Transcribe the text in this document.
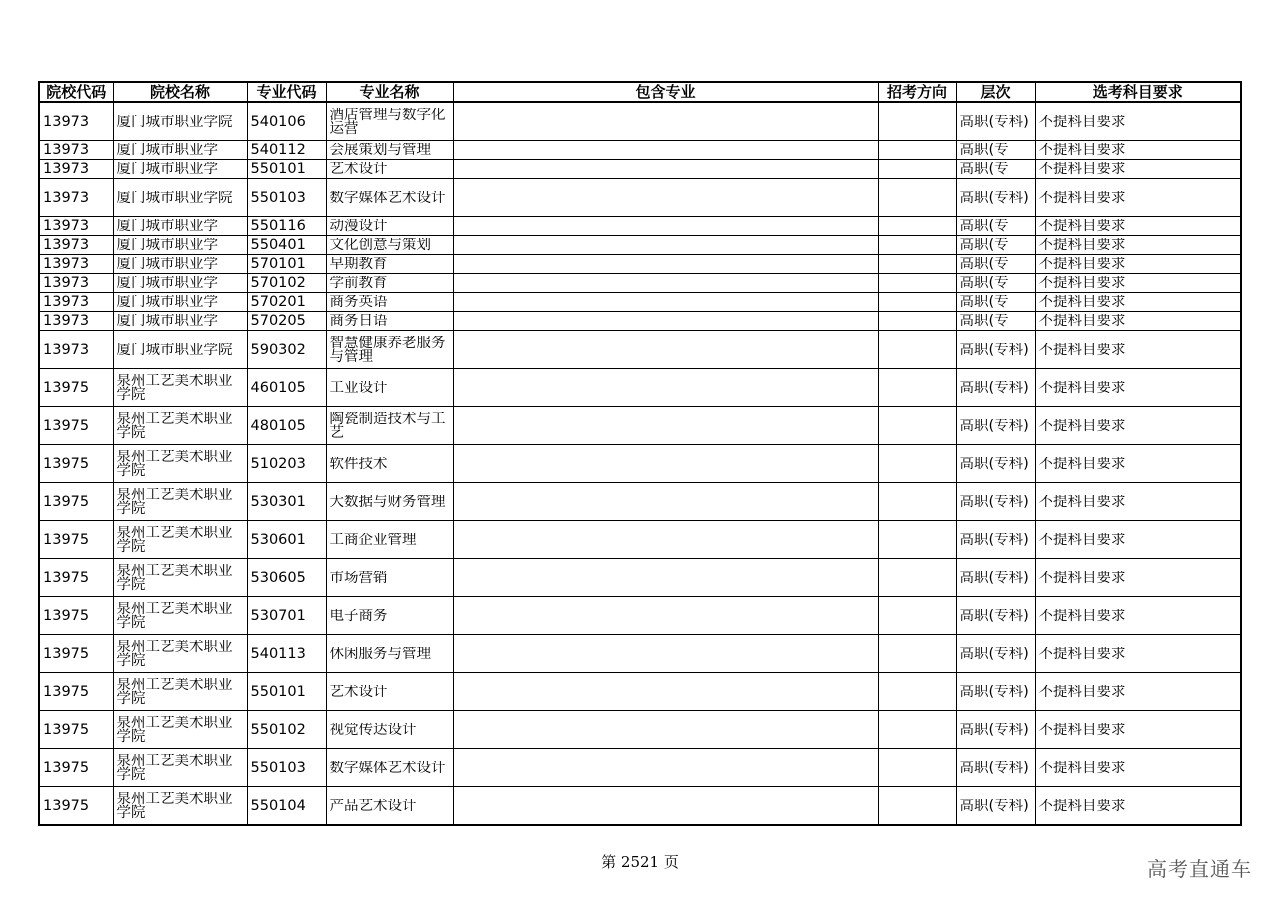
院校代码	院校名称	专业代码	专业名称	包含专业	招考方向	层次	选考科目要求

13973	厦门城市职业学院	540106	酒店管理与数字化运营			高职(专科)	不提科目要求

13973	厦门城市职业学	540112	会展策划与管理			高职(专	不提科目要求

13973	厦门城市职业学	550101	艺术设计			高职(专	不提科目要求

13973	厦门城市职业学院	550103	数字媒体艺术设计			高职(专科)	不提科目要求

13973	厦门城市职业学	550116	动漫设计			高职(专	不提科目要求

13973	厦门城市职业学	550401	文化创意与策划			高职(专	不提科目要求

13973	厦门城市职业学	570101	早期教育			高职(专	不提科目要求

13973	厦门城市职业学	570102	学前教育			高职(专	不提科目要求

13973	厦门城市职业学	570201	商务英语			高职(专	不提科目要求

13973	厦门城市职业学	570205	商务日语			高职(专	不提科目要求

13973	厦门城市职业学院	590302	智慧健康养老服务与管理			高职(专科)	不提科目要求

13975	泉州工艺美术职业学院	460105	工业设计			高职(专科)	不提科目要求

13975	泉州工艺美术职业学院	480105	陶瓷制造技术与工艺			高职(专科)	不提科目要求

13975	泉州工艺美术职业学院	510203	软件技术			高职(专科)	不提科目要求

13975	泉州工艺美术职业学院	530301	大数据与财务管理			高职(专科)	不提科目要求

13975	泉州工艺美术职业学院	530601	工商企业管理			高职(专科)	不提科目要求

13975	泉州工艺美术职业学院	530605	市场营销			高职(专科)	不提科目要求

13975	泉州工艺美术职业学院	530701	电子商务			高职(专科)	不提科目要求

13975	泉州工艺美术职业学院	540113	休闲服务与管理			高职(专科)	不提科目要求

13975	泉州工艺美术职业学院	550101	艺术设计			高职(专科)	不提科目要求

13975	泉州工艺美术职业学院	550102	视觉传达设计			高职(专科)	不提科目要求

13975	泉州工艺美术职业学院	550103	数字媒体艺术设计			高职(专科)	不提科目要求

13975	泉州工艺美术职业学院	550104	产品艺术设计			高职(专科)	不提科目要求
第 2521 页	高考直通车
